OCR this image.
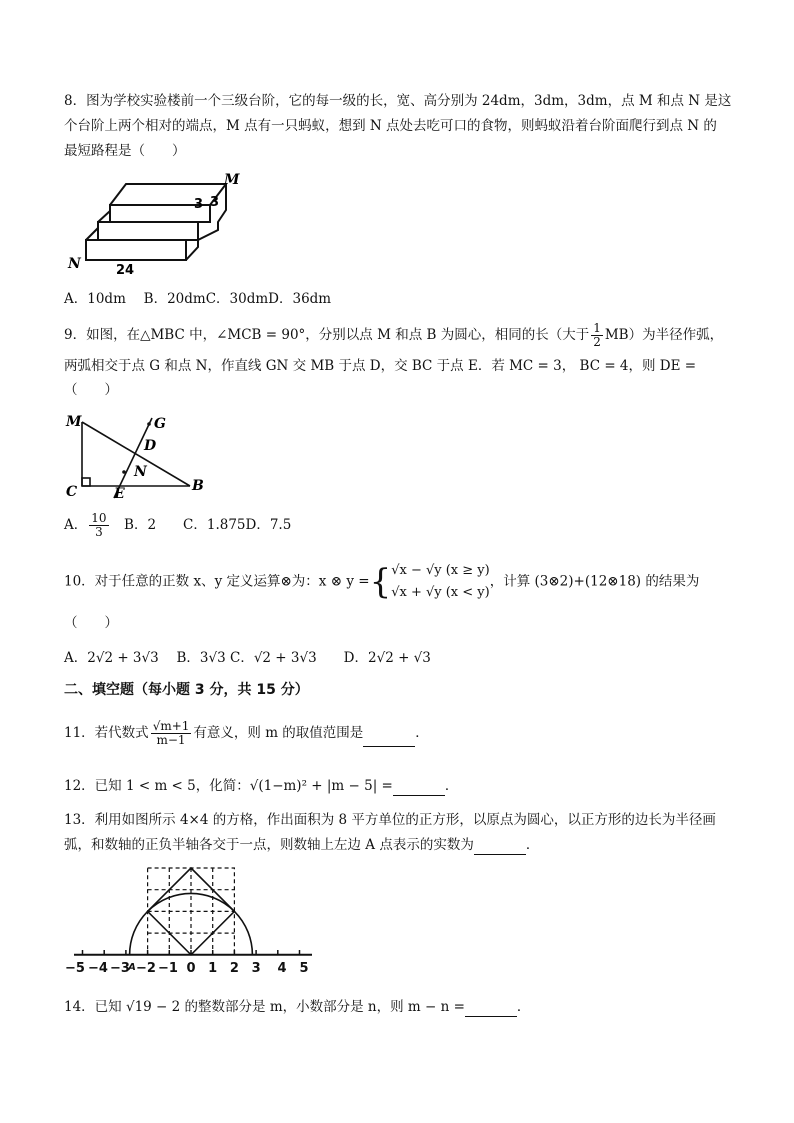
8．图为学校实验楼前一个三级台阶，它的每一级的长，宽、高分别为 24dm，3dm，3dm，点 M 和点 N 是这
个台阶上两个相对的端点，M 点有一只蚂蚁，想到 N 点处去吃可口的食物，则蚂蚁沿着台阶面爬行到点 N 的
最短路程是（　　）
M
N
3 3
24
A．10dm　 B．20dmC．30dmD．36dm
9．如图，在△MBC 中，∠MCB = 90°，分别以点 M 和点 B 为圆心，相同的长（大于 $\frac{1}{2} MB$）为半径作弧，
两弧相交于点 G 和点 N，作直线 GN 交 MB 于点 D，交 BC 于点 E．若 MC = 3， BC = 4，则 DE =
（　　）
M	G
D
N
C	E	B
A． $\frac{10}{3}$ 　B．2　　C．1.875D．7.5
10．对于任意的正数 x、y 定义运算⊗为：x ⊗ y ={ √x − √y (x ≥ y)
√x + √y (x < y)
，计算 (3⊗2)+(12⊗18) 的结果为
（　　）
A．2√2 + 3√3　 B．3√3 C．√2 + 3√3　　D．2√2 + √3
二、填空题（每小题 3 分，共 15 分）
11．若代数式 $\frac{√m+1}{m-1}$ 有意义，则 m 的取值范围是	．
12．已知 1 < m < 5，化简：√(1−m)² + |m − 5| =	．
13．利用如图所示 4×4 的方格，作出面积为 8 平方单位的正方形，以原点为圆心，以正方形的边长为半径画
弧，和数轴的正负半轴各交于一点，则数轴上左边 A 点表示的实数为	．
−5 −4 −3
A −2 −1 0 1 2 3 4 5
14．已知 √19 − 2 的整数部分是 m，小数部分是 n，则 m − n =	．
